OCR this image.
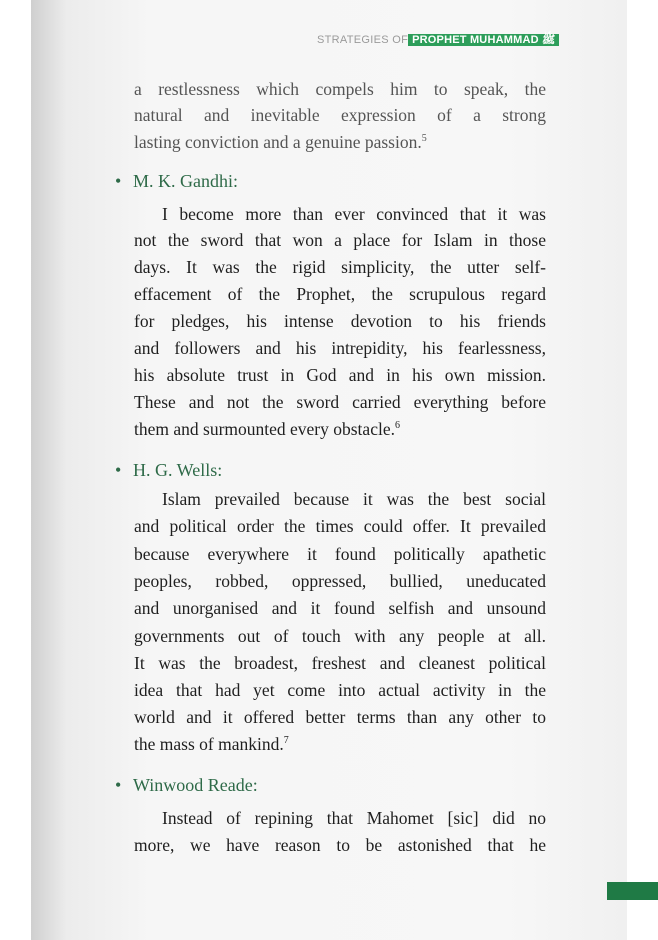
STRATEGIES OF PROPHET MUHAMMAD ﷺ
a restlessness which compels him to speak, the
natural and inevitable expression of a strong
lasting conviction and a genuine passion.$^5$
• M. K. Gandhi:
I become more than ever convinced that it was
not the sword that won a place for Islam in those
days. It was the rigid simplicity, the utter self-
effacement of the Prophet, the scrupulous regard
for pledges, his intense devotion to his friends
and followers and his intrepidity, his fearlessness,
his absolute trust in God and in his own mission.
These and not the sword carried everything before
them and surmounted every obstacle.$^6$
• H. G. Wells:
Islam prevailed because it was the best social
and political order the times could offer. It prevailed
because everywhere it found politically apathetic
peoples, robbed, oppressed, bullied, uneducated
and unorganised and it found selfish and unsound
governments out of touch with any people at all.
It was the broadest, freshest and cleanest political
idea that had yet come into actual activity in the
world and it offered better terms than any other to
the mass of mankind.$^7$
• Winwood Reade:
Instead of repining that Mahomet [sic] did no
more, we have reason to be astonished that he
